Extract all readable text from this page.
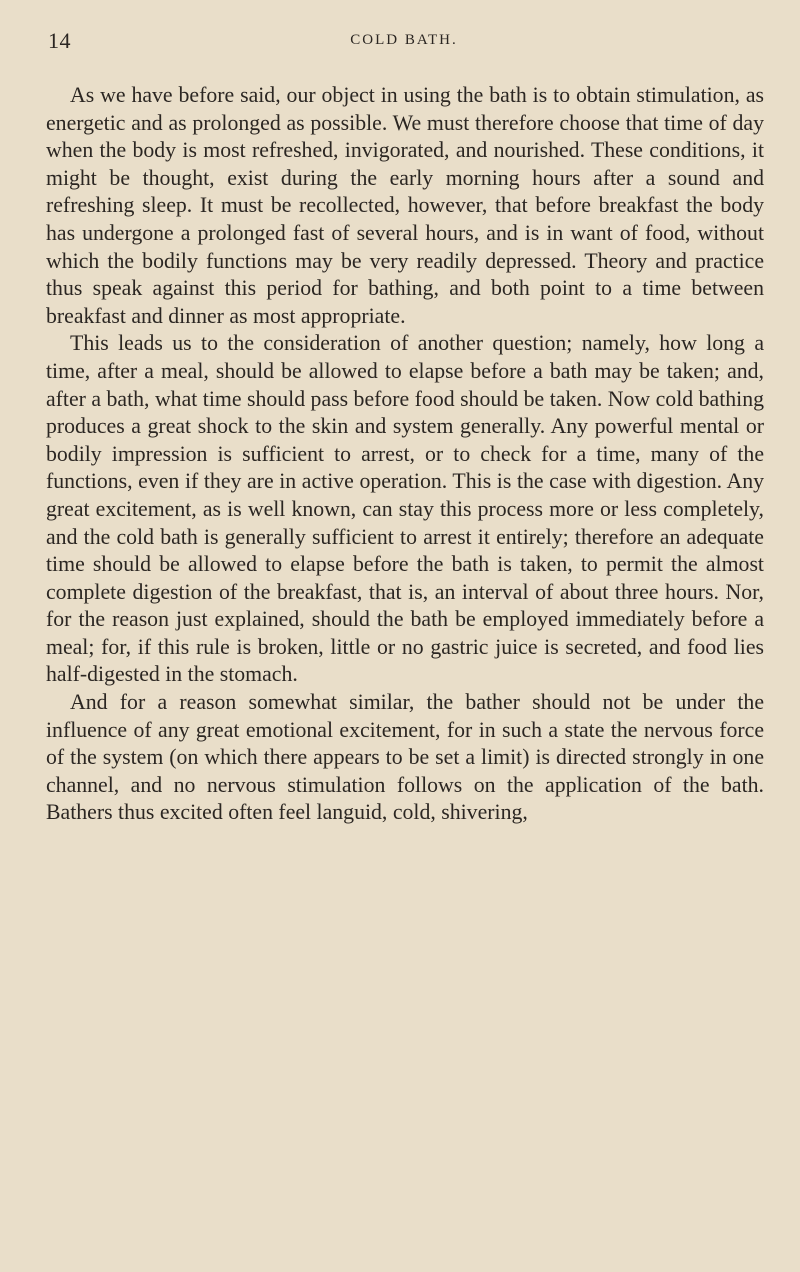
14	COLD BATH.

As we have before said, our object in using the bath is to obtain stimulation, as energetic and as prolonged as possible. We must therefore choose that time of day when the body is most refreshed, invigorated, and nourished. These conditions, it might be thought, exist during the early morning hours after a sound and refreshing sleep. It must be recollected, however, that before breakfast the body has undergone a prolonged fast of several hours, and is in want of food, without which the bodily functions may be very readily depressed. Theory and practice thus speak against this period for bathing, and both point to a time between breakfast and dinner as most appropriate.

This leads us to the consideration of another question; namely, how long a time, after a meal, should be allowed to elapse before a bath may be taken; and, after a bath, what time should pass before food should be taken. Now cold bathing produces a great shock to the skin and system generally. Any powerful mental or bodily impression is sufficient to arrest, or to check for a time, many of the functions, even if they are in active operation. This is the case with digestion. Any great excitement, as is well known, can stay this process more or less completely, and the cold bath is generally sufficient to arrest it entirely; therefore an adequate time should be allowed to elapse before the bath is taken, to permit the almost complete digestion of the breakfast, that is, an interval of about three hours. Nor, for the reason just explained, should the bath be employed immediately before a meal; for, if this rule is broken, little or no gastric juice is secreted, and food lies half-digested in the stomach.

And for a reason somewhat similar, the bather should not be under the influence of any great emotional excitement, for in such a state the nervous force of the system (on which there appears to be set a limit) is directed strongly in one channel, and no nervous stimulation follows on the application of the bath. Bathers thus excited often feel languid, cold, shivering,
